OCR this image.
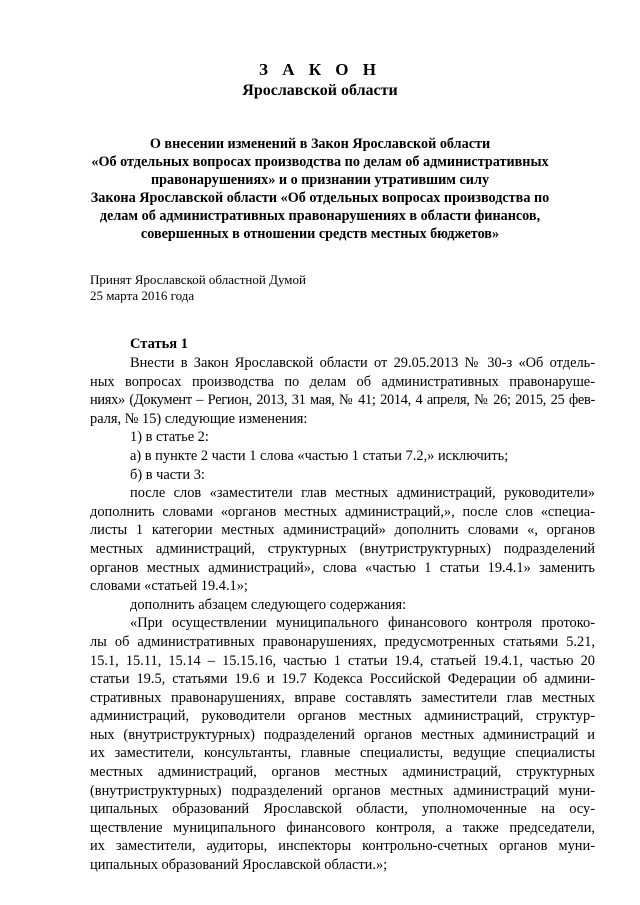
З А К О Н
Ярославской области
О внесении изменений в Закон Ярославской области
«Об отдельных вопросах производства по делам об административных
правонарушениях» и о признании утратившим силу
Закона Ярославской области «Об отдельных вопросах производства по
делам об административных правонарушениях в области финансов,
совершенных в отношении средств местных бюджетов»
Принят Ярославской областной Думой
25 марта 2016 года
Статья 1
Внести в Закон Ярославской области от 29.05.2013 № 30-з «Об отдель-
ных вопросах производства по делам об административных правонаруше-
ниях» (Документ – Регион, 2013, 31 мая, № 41; 2014, 4 апреля, № 26; 2015, 25 фев-
раля, № 15) следующие изменения:
1) в статье 2:
а) в пункте 2 части 1 слова «частью 1 статьи 7.2,» исключить;
б) в части 3:
после слов «заместители глав местных администраций, руководители»
дополнить словами «органов местных администраций,», после слов «специа-
листы 1 категории местных администраций» дополнить словами «, органов
местных администраций, структурных (внутриструктурных) подразделений
органов местных администраций», слова «частью 1 статьи 19.4.1» заменить
словами «статьей 19.4.1»;
дополнить абзацем следующего содержания:
«При осуществлении муниципального финансового контроля протоко-
лы об административных правонарушениях, предусмотренных статьями 5.21,
15.1, 15.11, 15.14 – 15.15.16, частью 1 статьи 19.4, статьей 19.4.1, частью 20
статьи 19.5, статьями 19.6 и 19.7 Кодекса Российской Федерации об админи-
стративных правонарушениях, вправе составлять заместители глав местных
администраций, руководители органов местных администраций, структур-
ных (внутриструктурных) подразделений органов местных администраций и
их заместители, консультанты, главные специалисты, ведущие специалисты
местных администраций, органов местных администраций, структурных
(внутриструктурных) подразделений органов местных администраций муни-
ципальных образований Ярославской области, уполномоченные на осу-
ществление муниципального финансового контроля, а также председатели,
их заместители, аудиторы, инспекторы контрольно-счетных органов муни-
ципальных образований Ярославской области.»;
